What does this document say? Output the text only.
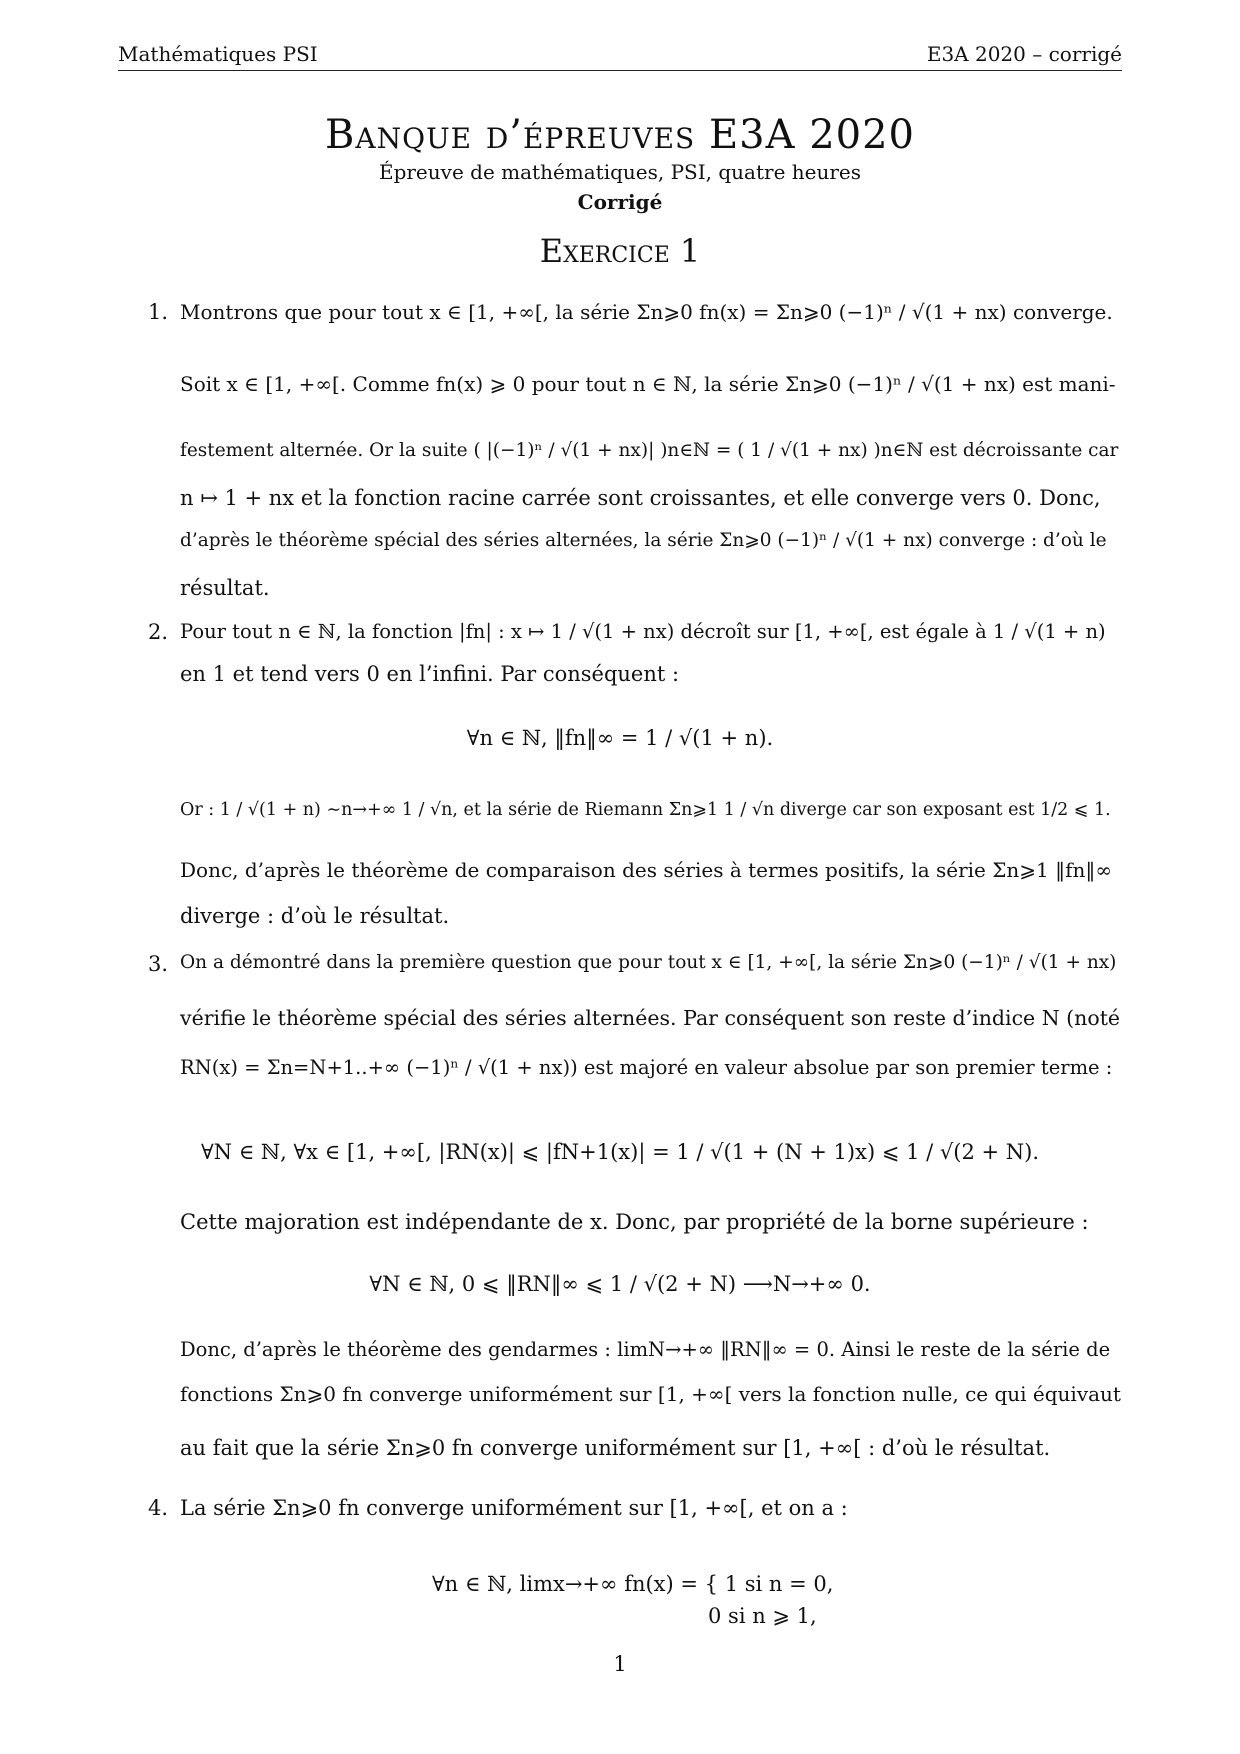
Mathématiques PSI	E3A 2020 – corrigé
Banque d’épreuves E3A 2020
Épreuve de mathématiques, PSI, quatre heures
Corrigé
Exercice 1
1. Montrons que pour tout x ∈ [1, +∞[, la série Σn⩾0 fn(x) = Σn⩾0 (−1)ⁿ / √(1 + nx) converge.
Soit x ∈ [1, +∞[. Comme fn(x) ⩾ 0 pour tout n ∈ ℕ, la série Σn⩾0 (−1)ⁿ / √(1 + nx) est mani-
festement alternée. Or la suite ( |(−1)ⁿ / √(1 + nx)| )n∈ℕ = ( 1 / √(1 + nx) )n∈ℕ est décroissante car
n ↦ 1 + nx et la fonction racine carrée sont croissantes, et elle converge vers 0. Donc,
d’après le théorème spécial des séries alternées, la série Σn⩾0 (−1)ⁿ / √(1 + nx) converge : d’où le
résultat.
2. Pour tout n ∈ ℕ, la fonction |fn| : x ↦ 1 / √(1 + nx) décroît sur [1, +∞[, est égale à 1 / √(1 + n)
en 1 et tend vers 0 en l’infini. Par conséquent :
∀n ∈ ℕ, ‖fn‖∞ = 1 / √(1 + n).
Or : 1 / √(1 + n) ∼n→+∞ 1 / √n, et la série de Riemann Σn⩾1 1 / √n diverge car son exposant est 1/2 ⩽ 1.
Donc, d’après le théorème de comparaison des séries à termes positifs, la série Σn⩾1 ‖fn‖∞
diverge : d’où le résultat.
3. On a démontré dans la première question que pour tout x ∈ [1, +∞[, la série Σn⩾0 (−1)ⁿ / √(1 + nx)
vérifie le théorème spécial des séries alternées. Par conséquent son reste d’indice N (noté
RN(x) = Σn=N+1..+∞ (−1)ⁿ / √(1 + nx)) est majoré en valeur absolue par son premier terme :
∀N ∈ ℕ, ∀x ∈ [1, +∞[, |RN(x)| ⩽ |fN+1(x)| = 1 / √(1 + (N + 1)x) ⩽ 1 / √(2 + N).
Cette majoration est indépendante de x. Donc, par propriété de la borne supérieure :
∀N ∈ ℕ, 0 ⩽ ‖RN‖∞ ⩽ 1 / √(2 + N) ⟶N→+∞ 0.
Donc, d’après le théorème des gendarmes : limN→+∞ ‖RN‖∞ = 0. Ainsi le reste de la série de
fonctions Σn⩾0 fn converge uniformément sur [1, +∞[ vers la fonction nulle, ce qui équivaut
au fait que la série Σn⩾0 fn converge uniformément sur [1, +∞[ : d’où le résultat.
4. La série Σn⩾0 fn converge uniformément sur [1, +∞[, et on a :
∀n ∈ ℕ, limx→+∞ fn(x) = { 1 si n = 0,
0 si n ⩾ 1,
1
